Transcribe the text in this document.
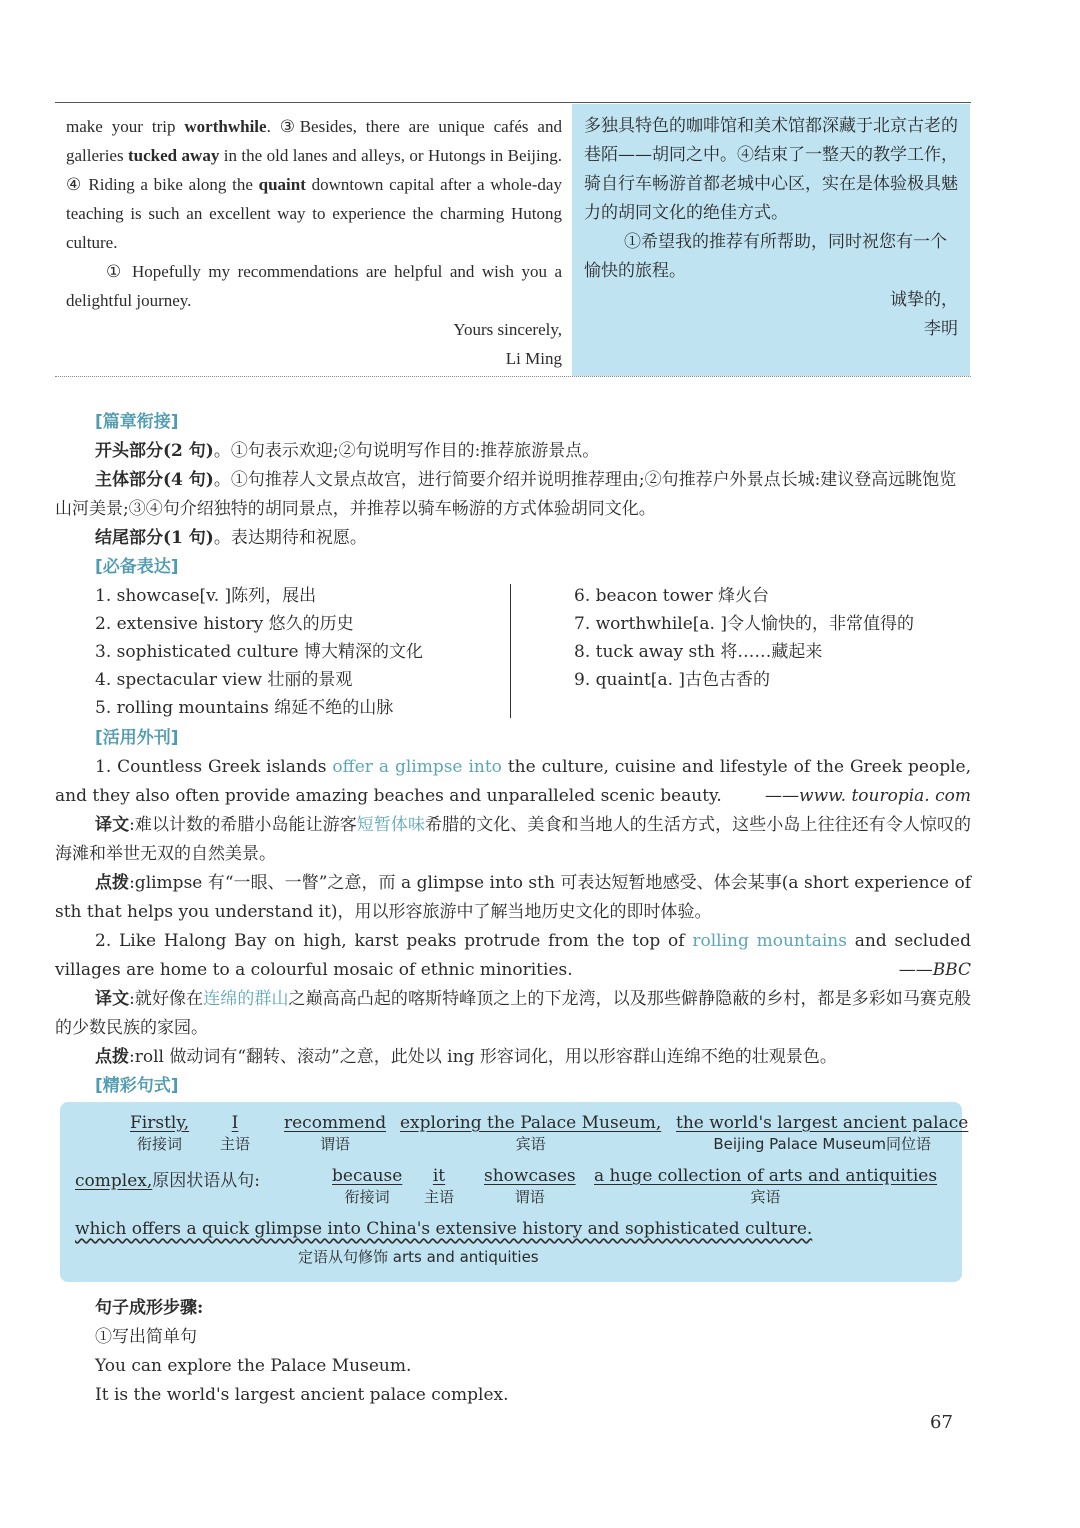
make your trip worthwhile. ③Besides, there are unique cafés and galleries tucked away in the old lanes and alleys, or Hutongs in Beijing. ④ Riding a bike along the quaint downtown capital after a whole-day teaching is such an excellent way to experience the charming Hutong culture.

① Hopefully my recommendations are helpful and wish you a delightful journey.

Yours sincerely,

Li Ming

多独具特色的咖啡馆和美术馆都深藏于北京古老的巷陌——胡同之中。④结束了一整天的教学工作，骑自行车畅游首都老城中心区，实在是体验极具魅力的胡同文化的绝佳方式。

①希望我的推荐有所帮助，同时祝您有一个愉快的旅程。

诚挚的，

李明

[篇章衔接]
开头部分(2 句)。①句表示欢迎;②句说明写作目的:推荐旅游景点。
主体部分(4 句)。①句推荐人文景点故宫，进行简要介绍并说明推荐理由;②句推荐户外景点长城:建议登高远眺饱览山河美景;③④句介绍独特的胡同景点，并推荐以骑车畅游的方式体验胡同文化。
结尾部分(1 句)。表达期待和祝愿。
[必备表达]
1. showcase[v. ]陈列，展出
2. extensive history 悠久的历史
3. sophisticated culture 博大精深的文化
4. spectacular view 壮丽的景观
5. rolling mountains 绵延不绝的山脉
6. beacon tower 烽火台
7. worthwhile[a. ]令人愉快的，非常值得的
8. tuck away sth 将……藏起来
9. quaint[a. ]古色古香的
[活用外刊]
1. Countless Greek islands offer a glimpse into the culture, cuisine and lifestyle of the Greek people, and they also often provide amazing beaches and unparalleled scenic beauty.	——www. touropia. com
译文:难以计数的希腊小岛能让游客短暂体味希腊的文化、美食和当地人的生活方式，这些小岛上往往还有令人惊叹的海滩和举世无双的自然美景。
点拨:glimpse 有“一眼、一瞥”之意，而 a glimpse into sth 可表达短暂地感受、体会某事(a short experience of sth that helps you understand it)，用以形容旅游中了解当地历史文化的即时体验。
2. Like Halong Bay on high, karst peaks protrude from the top of rolling mountains and secluded villages are home to a colourful mosaic of ethnic minorities.	——BBC
译文:就好像在连绵的群山之巅高高凸起的喀斯特峰顶之上的下龙湾，以及那些僻静隐蔽的乡村，都是多彩如马赛克般的少数民族的家园。
点拨:roll 做动词有“翻转、滚动”之意，此处以 ing 形容词化，用以形容群山连绵不绝的壮观景色。
[精彩句式]
Firstly,
衔接词
I
主语
recommend
谓语
exploring the Palace Museum,
宾语
the world's largest ancient palace
Beijing Palace Museum同位语
complex,原因状语从句:	because
衔接词
it
主语
showcases
谓语
a huge collection of arts and antiquities
宾语
which offers a quick glimpse into China's extensive history and sophisticated culture.
定语从句修饰 arts and antiquities
句子成形步骤:
①写出简单句
You can explore the Palace Museum.
It is the world's largest ancient palace complex.
67
